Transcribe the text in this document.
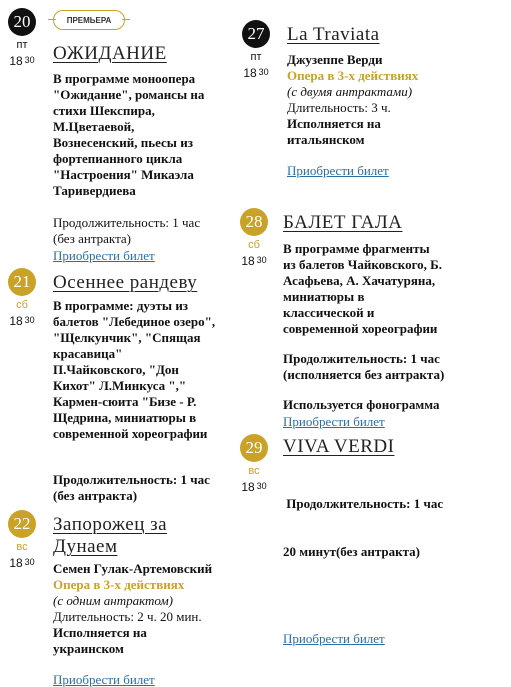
20
пт
18 $^{30}$
ПРЕМЬЕРА
ОЖИДАНИЕ
В программе моноопера
"Ожидание", романсы на
стихи Шекспира,
М.Цветаевой,
Вознесенский, пьесы из
фортепианного цикла
"Настроения" Микаэла
Таривердиева
Продолжительность: 1 час
(без антракта)
Приобрести билет
21
сб
18 $^{30}$
Осеннее рандеву
В программе: дуэты из
балетов "Лебединое озеро",
"Щелкунчик", "Спящая
красавица"
П.Чайковского, "Дон
Кихот" Л.Минкуса ","
Кармен-сюита "Бизе - Р.
Щедрина, миниатюры в
современной хореографии
Продолжительность: 1 час
(без антракта)
22
вс
18 $^{30}$
Запорожец за
Дунаем
Семен Гулак-Артемовский
Опера в 3-х действиях
(с одним антрактом)
Длительность: 2 ч. 20 мин.
Исполняется на
украинском
Приобрести билет
27
пт
18 $^{30}$
La Traviata
Джузеппе Верди
Опера в 3-х действиях
(с двумя антрактами)
Длительность: 3 ч.
Исполняется на
итальянском
Приобрести билет
28
сб
18 $^{30}$
БАЛЕТ ГАЛА
В программе фрагменты
из балетов Чайковского, Б.
Асафьева, А. Хачатуряна,
миниатюры в
классической и
современной хореографии
Продолжительность: 1 час
(исполняется без антракта)
Используется фонограмма
Приобрести билет
29
вс
18 $^{30}$
VIVA VERDI

Продолжительность: 1 час

20 минут(без антракта)

Приобрести билет
